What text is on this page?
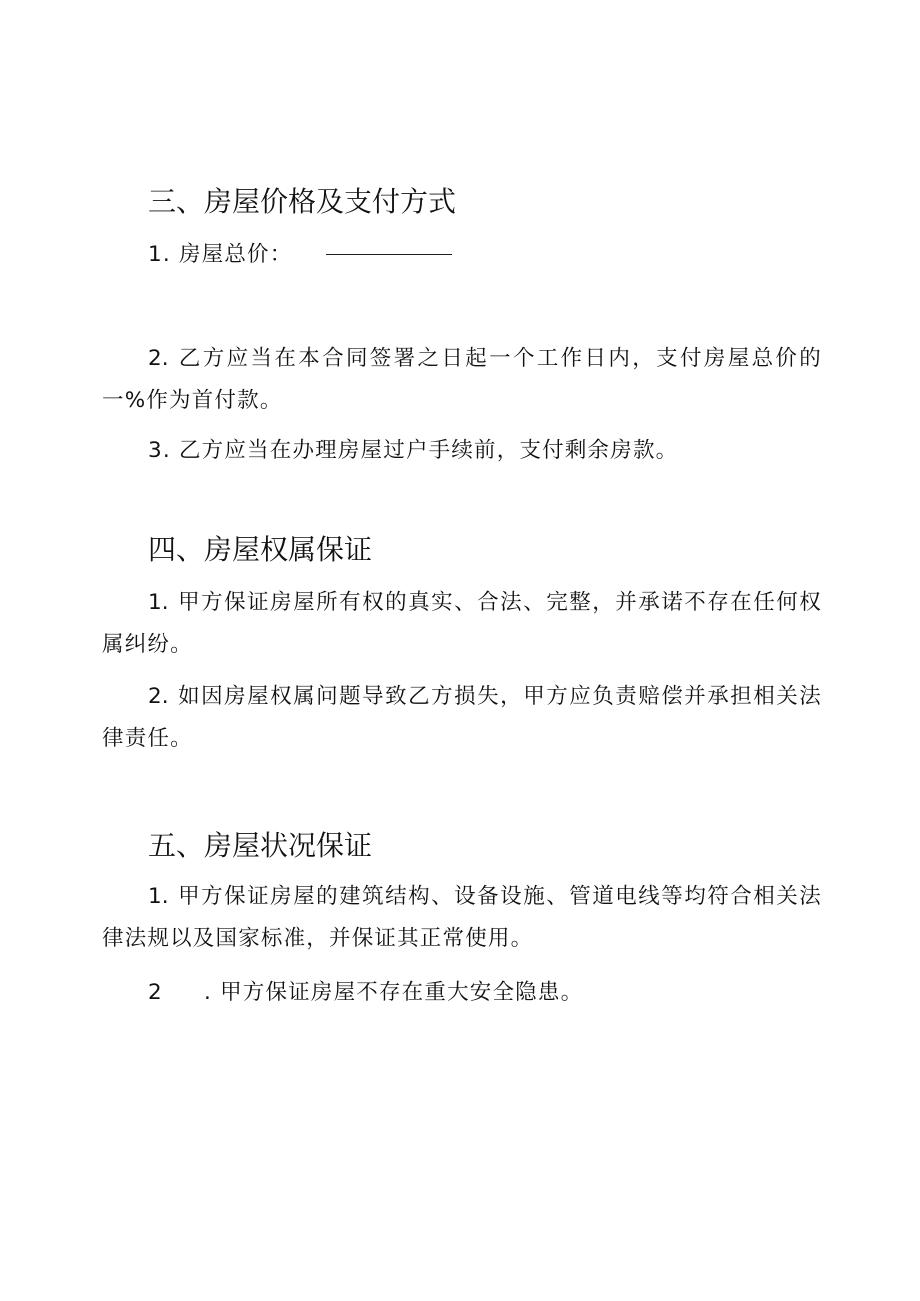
三、房屋价格及支付方式
1. 房屋总价：
2. 乙方应当在本合同签署之日起一个工作日内，支付房屋总价的一%作为首付款。
3. 乙方应当在办理房屋过户手续前，支付剩余房款。
四、房屋权属保证
1. 甲方保证房屋所有权的真实、合法、完整，并承诺不存在任何权属纠纷。
2. 如因房屋权属问题导致乙方损失，甲方应负责赔偿并承担相关法律责任。
五、房屋状况保证
1. 甲方保证房屋的建筑结构、设备设施、管道电线等均符合相关法律法规以及国家标准，并保证其正常使用。
2 . 甲方保证房屋不存在重大安全隐患。
